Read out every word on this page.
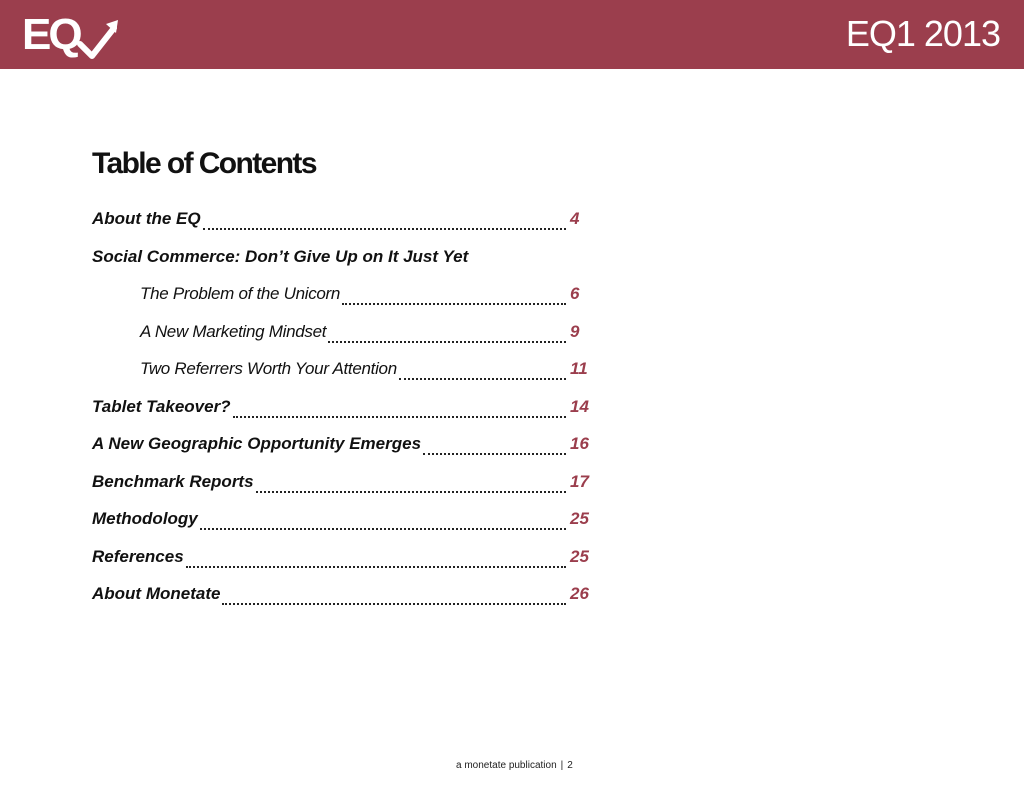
EQ	EQ1 2013
Table of Contents
About the EQ	4
Social Commerce: Don’t Give Up on It Just Yet
The Problem of the Unicorn	6
A New Marketing Mindset	9
Two Referrers Worth Your Attention	11
Tablet Takeover?	14
A New Geographic Opportunity Emerges	16
Benchmark Reports	17
Methodology	25
References	25
About Monetate	26
a monetate publication | 2
